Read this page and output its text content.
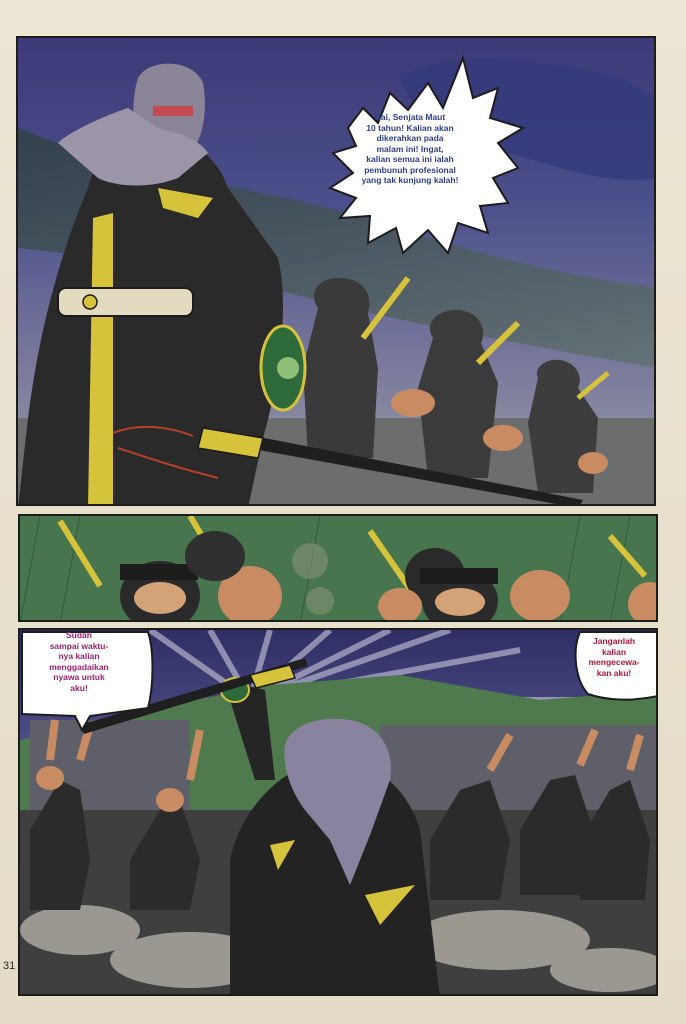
Hai, Senjata Maut
10 tahun! Kalian akan
dikerahkan pada
malam ini! Ingat,
kalian semua ini ialah
pembunuh profesional
yang tak kunjung kalah!
Sudah
sampai waktu-
nya kalian
menggadaikan
nyawa untuk
aku!
Janganlah
kalian
mengecewa-
kan aku!
31
